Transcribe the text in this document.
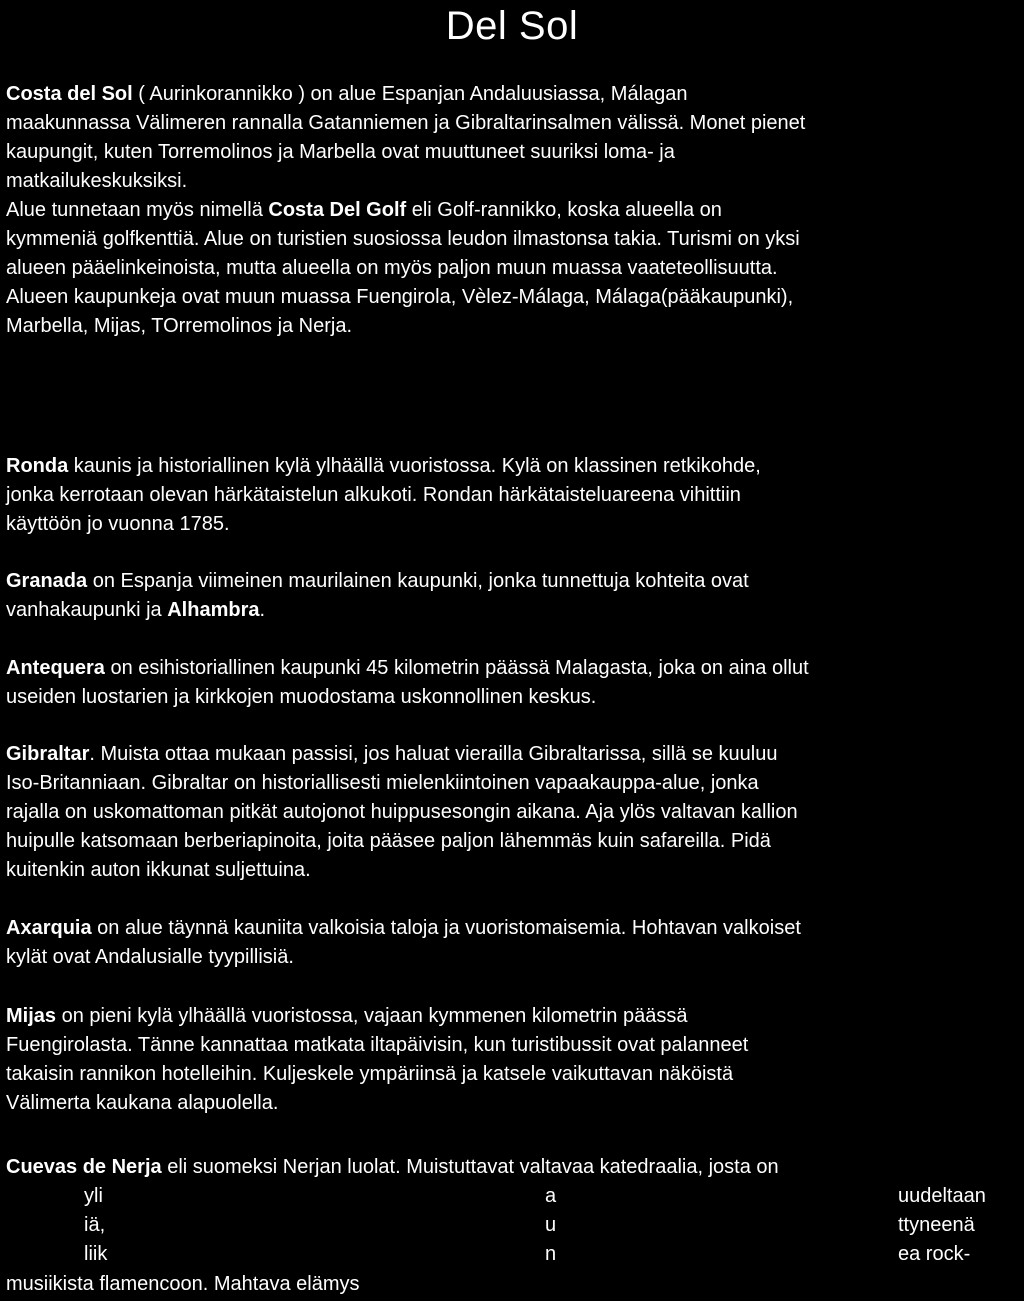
Del Sol
Costa del Sol ( Aurinkorannikko ) on alue Espanjan Andaluusiassa, Málagan
maakunnassa Välimeren rannalla Gatanniemen ja Gibraltarinsalmen välissä. Monet pienet
kaupungit, kuten Torremolinos ja Marbella ovat muuttuneet suuriksi loma- ja
matkailukeskuksiksi.
Alue tunnetaan myös nimellä Costa Del Golf eli Golf-rannikko, koska alueella on
kymmeniä golfkenttiä. Alue on turistien suosiossa leudon ilmastonsa takia. Turismi on yksi
alueen pääelinkeinoista, mutta alueella on myös paljon muun muassa vaateteollisuutta.
Alueen kaupunkeja ovat muun muassa Fuengirola, Vèlez-Málaga, Málaga(pääkaupunki),
Marbella, Mijas, TOrremolinos ja Nerja.
Ronda kaunis ja historiallinen kylä ylhäällä vuoristossa. Kylä on klassinen retkikohde,
jonka kerrotaan olevan härkätaistelun alkukoti. Rondan härkätaisteluareena vihittiin
käyttöön jo vuonna 1785.
Granada on Espanja viimeinen maurilainen kaupunki, jonka tunnettuja kohteita ovat
vanhakaupunki ja Alhambra.
Antequera on esihistoriallinen kaupunki 45 kilometrin päässä Malagasta, joka on aina ollut
useiden luostarien ja kirkkojen muodostama uskonnollinen keskus.
Gibraltar. Muista ottaa mukaan passisi, jos haluat vierailla Gibraltarissa, sillä se kuuluu
Iso-Britanniaan. Gibraltar on historiallisesti mielenkiintoinen vapaakauppa-alue, jonka
rajalla on uskomattoman pitkät autojonot huippusesongin aikana. Aja ylös valtavan kallion
huipulle katsomaan berberiapinoita, joita pääsee paljon lähemmäs kuin safareilla. Pidä
kuitenkin auton ikkunat suljettuina.
Axarquia on alue täynnä kauniita valkoisia taloja ja vuoristomaisemia. Hohtavan valkoiset
kylät ovat Andalusialle tyypillisiä.
Mijas on pieni kylä ylhäällä vuoristossa, vajaan kymmenen kilometrin päässä
Fuengirolasta. Tänne kannattaa matkata iltapäivisin, kun turistibussit ovat palanneet
takaisin rannikon hotelleihin. Kuljeskele ympäriinsä ja katsele vaikuttavan näköistä
Välimerta kaukana alapuolella.
Cuevas de Nerja eli suomeksi Nerjan luolat. Muistuttavat valtavaa katedraalia, josta on
yli
iä,
liik
a
u
n
uudeltaan
ttyneenä
ea rock-
musiikista flamencoon. Mahtava elämys
